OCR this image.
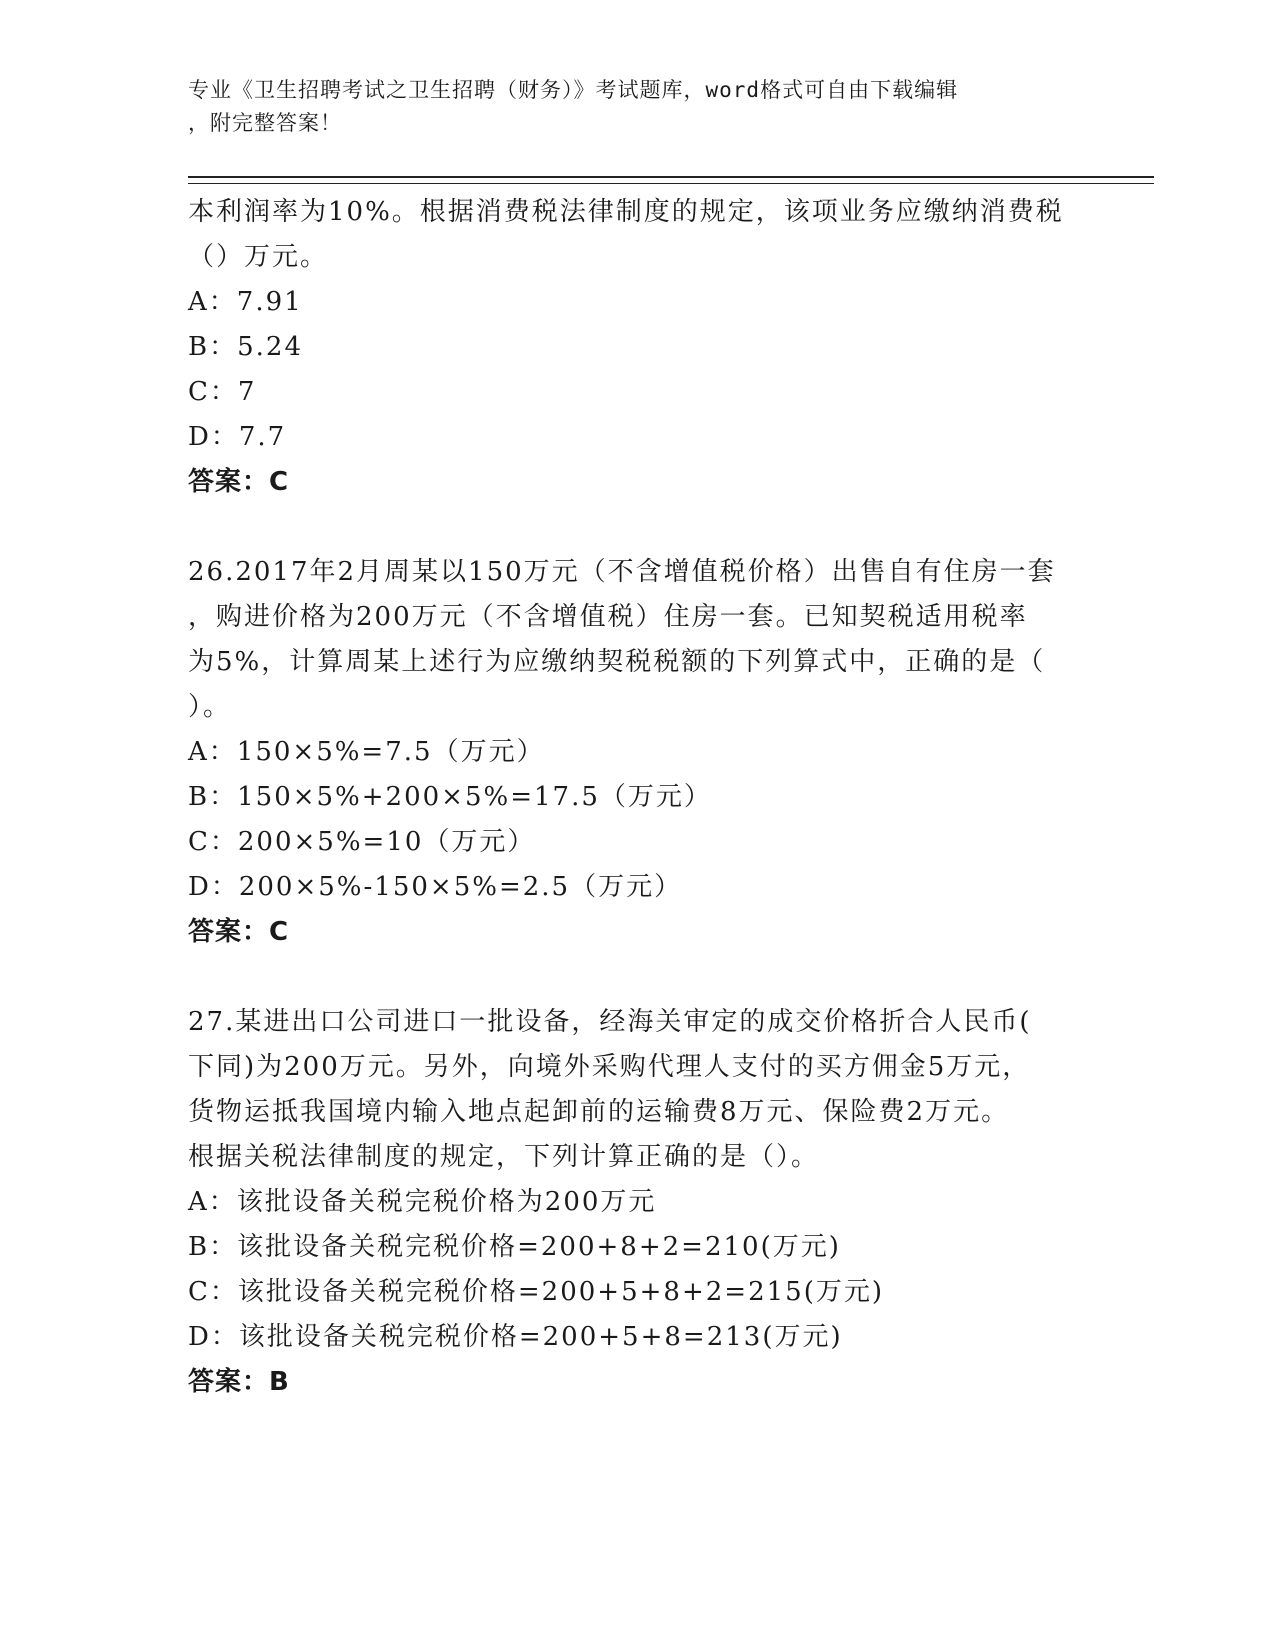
专业《卫生招聘考试之卫生招聘（财务）》考试题库，word格式可自由下载编辑
，附完整答案！
本利润率为10%。根据消费税法律制度的规定，该项业务应缴纳消费税
（）万元。
A：7.91
B：5.24
C：7
D：7.7
答案：C
26.2017年2月周某以150万元（不含增值税价格）出售自有住房一套
，购进价格为200万元（不含增值税）住房一套。已知契税适用税率
为5%，计算周某上述行为应缴纳契税税额的下列算式中，正确的是（
）。
A：150×5%=7.5（万元）
B：150×5%+200×5%=17.5（万元）
C：200×5%=10（万元）
D：200×5%-150×5%=2.5（万元）
答案：C
27.某进出口公司进口一批设备，经海关审定的成交价格折合人民币(
下同)为200万元。另外，向境外采购代理人支付的买方佣金5万元，
货物运抵我国境内输入地点起卸前的运输费8万元、保险费2万元。
根据关税法律制度的规定，下列计算正确的是（）。
A：该批设备关税完税价格为200万元
B：该批设备关税完税价格=200+8+2=210(万元)
C：该批设备关税完税价格=200+5+8+2=215(万元)
D：该批设备关税完税价格=200+5+8=213(万元)
答案：B
